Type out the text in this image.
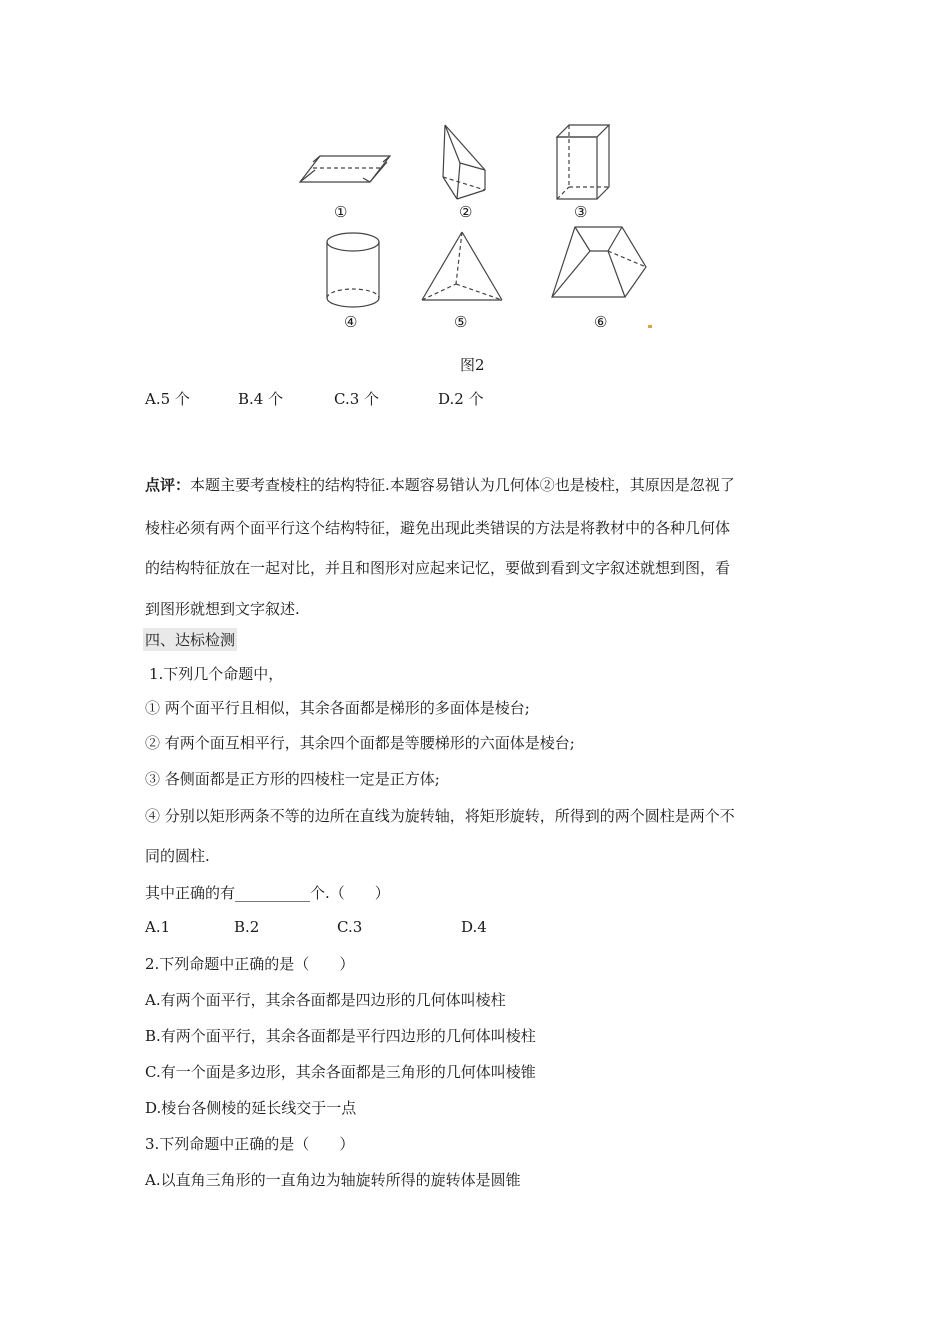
①	②	③
④	⑤	⑥
图2
A.5 个	B.4 个	C.3 个	D.2 个
点评：本题主要考查棱柱的结构特征.本题容易错认为几何体②也是棱柱，其原因是忽视了
棱柱必须有两个面平行这个结构特征，避免出现此类错误的方法是将教材中的各种几何体
的结构特征放在一起对比，并且和图形对应起来记忆，要做到看到文字叙述就想到图，看
到图形就想到文字叙述.
四、达标检测
1.下列几个命题中，
① 两个面平行且相似，其余各面都是梯形的多面体是棱台;
② 有两个面互相平行，其余四个面都是等腰梯形的六面体是棱台;
③ 各侧面都是正方形的四棱柱一定是正方体;
④ 分别以矩形两条不等的边所在直线为旋转轴，将矩形旋转，所得到的两个圆柱是两个不
同的圆柱.
其中正确的有__________个.（　　）
A.1	B.2	C.3	D.4
2.下列命题中正确的是（　　）
A.有两个面平行，其余各面都是四边形的几何体叫棱柱
B.有两个面平行，其余各面都是平行四边形的几何体叫棱柱
C.有一个面是多边形，其余各面都是三角形的几何体叫棱锥
D.棱台各侧棱的延长线交于一点
3.下列命题中正确的是（　　）
A.以直角三角形的一直角边为轴旋转所得的旋转体是圆锥
